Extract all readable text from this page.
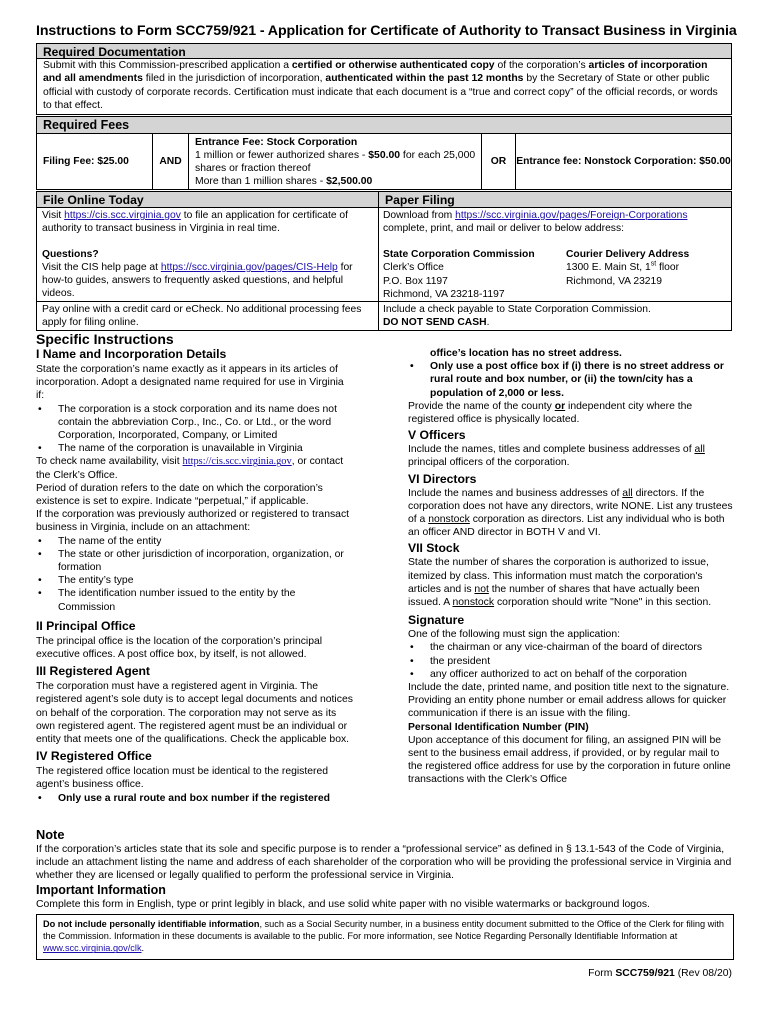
Instructions to Form SCC759/921 - Application for Certificate of Authority to Transact Business in Virginia
Required Documentation
Submit with this Commission-prescribed application a certified or otherwise authenticated copy of the corporation’s articles of incorporation and all amendments filed in the jurisdiction of incorporation, authenticated within the past 12 months by the Secretary of State or other public official with custody of corporate records. Certification must indicate that each document is a “true and correct copy” of the official records, or words to that effect.
Required Fees
Filing Fee: $25.00	AND
Entrance Fee: Stock Corporation
1 million or fewer authorized shares - $50.00 for each 25,000 shares or fraction thereof
More than 1 million shares - $2,500.00
OR Entrance fee: Nonstock Corporation: $50.00
File Online Today	Paper Filing
Visit https://cis.scc.virginia.gov to file an application for certificate of authority to transact business in Virginia in real time.
Questions?
Visit the CIS help page at https://scc.virginia.gov/pages/CIS-Help for how-to guides, answers to frequently asked questions, and helpful videos.
Pay online with a credit card or eCheck. No additional processing fees apply for filing online.
Download from https://scc.virginia.gov/pages/Foreign-Corporations complete, print, and mail or deliver to below address:
State Corporation Commission
Clerk’s Office
P.O. Box 1197
Richmond, VA 23218-1197
Courier Delivery Address
1300 E. Main St, 1st floor
Richmond, VA 23219
Include a check payable to State Corporation Commission.
DO NOT SEND CASH.
Specific Instructions
I Name and Incorporation Details
State the corporation’s name exactly as it appears in its articles of incorporation. Adopt a designated name required for use in Virginia if:
• The corporation is a stock corporation and its name does not contain the abbreviation Corp., Inc., Co. or Ltd., or the word Corporation, Incorporated, Company, or Limited
• The name of the corporation is unavailable in Virginia
To check name availability, visit https://cis.scc.virginia.gov, or contact the Clerk’s Office.
Period of duration refers to the date on which the corporation’s existence is set to expire. Indicate “perpetual,” if applicable.
If the corporation was previously authorized or registered to transact business in Virginia, include on an attachment:
• The name of the entity
• The state or other jurisdiction of incorporation, organization, or formation
• The entity’s type
• The identification number issued to the entity by the Commission
II Principal Office
The principal office is the location of the corporation’s principal executive offices. A post office box, by itself, is not allowed.
III Registered Agent
The corporation must have a registered agent in Virginia. The registered agent’s sole duty is to accept legal documents and notices on behalf of the corporation. The corporation may not serve as its own registered agent. The registered agent must be an individual or entity that meets one of the qualifications. Check the applicable box.
IV Registered Office
The registered office location must be identical to the registered agent’s business office.
• Only use a rural route and box number if the registered
office’s location has no street address.
• Only use a post office box if (i) there is no street address or rural route and box number, or (ii) the town/city has a population of 2,000 or less.
Provide the name of the county or independent city where the registered office is physically located.
V Officers
Include the names, titles and complete business addresses of all principal officers of the corporation.
VI Directors
Include the names and business addresses of all directors. If the corporation does not have any directors, write NONE. List any trustees of a nonstock corporation as directors. List any individual who is both an officer AND director in BOTH V and VI.
VII Stock
State the number of shares the corporation is authorized to issue, itemized by class. This information must match the corporation's articles and is not the number of shares that have actually been issued. A nonstock corporation should write "None" in this section.
Signature
One of the following must sign the application:
• the chairman or any vice-chairman of the board of directors
• the president
• any officer authorized to act on behalf of the corporation
Include the date, printed name, and position title next to the signature. Providing an entity phone number or email address allows for quicker communication if there is an issue with the filing.
Personal Identification Number (PIN)
Upon acceptance of this document for filing, an assigned PIN will be sent to the business email address, if provided, or by regular mail to the registered office address for use by the corporation in future online transactions with the Clerk’s Office
Note
If the corporation’s articles state that its sole and specific purpose is to render a “professional service” as defined in § 13.1-543 of the Code of Virginia, include an attachment listing the name and address of each shareholder of the corporation who will be providing the professional service in Virginia and whether they are licensed or legally qualified to perform the professional service in Virginia.
Important Information
Complete this form in English, type or print legibly in black, and use solid white paper with no visible watermarks or background logos.
Do not include personally identifiable information, such as a Social Security number, in a business entity document submitted to the Office of the Clerk for filing with the Commission. Information in these documents is available to the public. For more information, see Notice Regarding Personally Identifiable Information at www.scc.virginia.gov/clk.
Form SCC759/921 (Rev 08/20)
